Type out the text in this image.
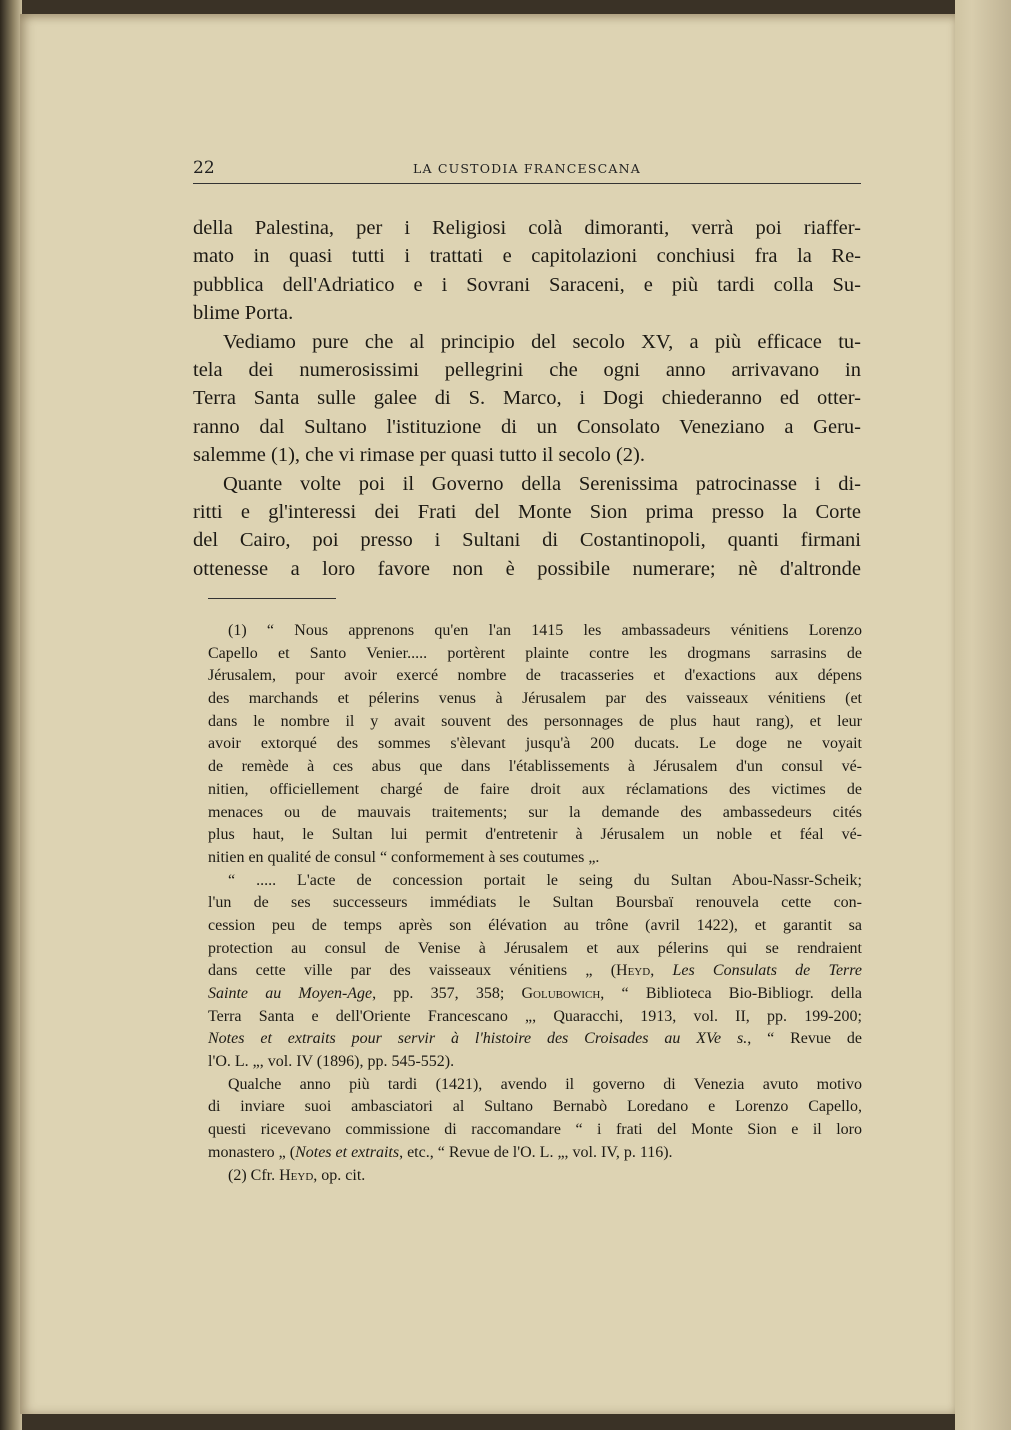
22	LA CUSTODIA FRANCESCANA
della Palestina, per i Religiosi colà dimoranti, verrà poi riaffer-
mato in quasi tutti i trattati e capitolazioni conchiusi fra la Re-
pubblica dell'Adriatico e i Sovrani Saraceni, e più tardi colla Su-
blime Porta.
Vediamo pure che al principio del secolo XV, a più efficace tu-
tela dei numerosissimi pellegrini che ogni anno arrivavano in
Terra Santa sulle galee di S. Marco, i Dogi chiederanno ed otter-
ranno dal Sultano l'istituzione di un Consolato Veneziano a Geru-
salemme (1), che vi rimase per quasi tutto il secolo (2).
Quante volte poi il Governo della Serenissima patrocinasse i di-
ritti e gl'interessi dei Frati del Monte Sion prima presso la Corte
del Cairo, poi presso i Sultani di Costantinopoli, quanti firmani
ottenesse a loro favore non è possibile numerare; nè d'altronde
(1) “ Nous apprenons qu'en l'an 1415 les ambassadeurs vénitiens Lorenzo
Capello et Santo Venier..... portèrent plainte contre les drogmans sarrasins de
Jérusalem, pour avoir exercé nombre de tracasseries et d'exactions aux dépens
des marchands et pélerins venus à Jérusalem par des vaisseaux vénitiens (et
dans le nombre il y avait souvent des personnages de plus haut rang), et leur
avoir extorqué des sommes s'èlevant jusqu'à 200 ducats. Le doge ne voyait
de remède à ces abus que dans l'établissements à Jérusalem d'un consul vé-
nitien, officiellement chargé de faire droit aux réclamations des victimes de
menaces ou de mauvais traitements; sur la demande des ambassedeurs cités
plus haut, le Sultan lui permit d'entretenir à Jérusalem un noble et féal vé-
nitien en qualité de consul “ conformement à ses coutumes „.
“ ..... L'acte de concession portait le seing du Sultan Abou-Nassr-Scheik;
l'un de ses successeurs immédiats le Sultan Boursbaï renouvela cette con-
cession peu de temps après son élévation au trône (avril 1422), et garantit sa
protection au consul de Venise à Jérusalem et aux pélerins qui se rendraient
dans cette ville par des vaisseaux vénitiens „ (Heyd, Les Consulats de Terre
Sainte au Moyen-Age, pp. 357, 358; Golubowich, “ Biblioteca Bio-Bibliogr. della
Terra Santa e dell'Oriente Francescano „, Quaracchi, 1913, vol. II, pp. 199-200;
Notes et extraits pour servir à l'histoire des Croisades au XVe s., “ Revue de
l'O. L. „, vol. IV (1896), pp. 545-552).
Qualche anno più tardi (1421), avendo il governo di Venezia avuto motivo
di inviare suoi ambasciatori al Sultano Bernabò Loredano e Lorenzo Capello,
questi ricevevano commissione di raccomandare “ i frati del Monte Sion e il loro
monastero „ (Notes et extraits, etc., “ Revue de l'O. L. „, vol. IV, p. 116).
(2) Cfr. Heyd, op. cit.
